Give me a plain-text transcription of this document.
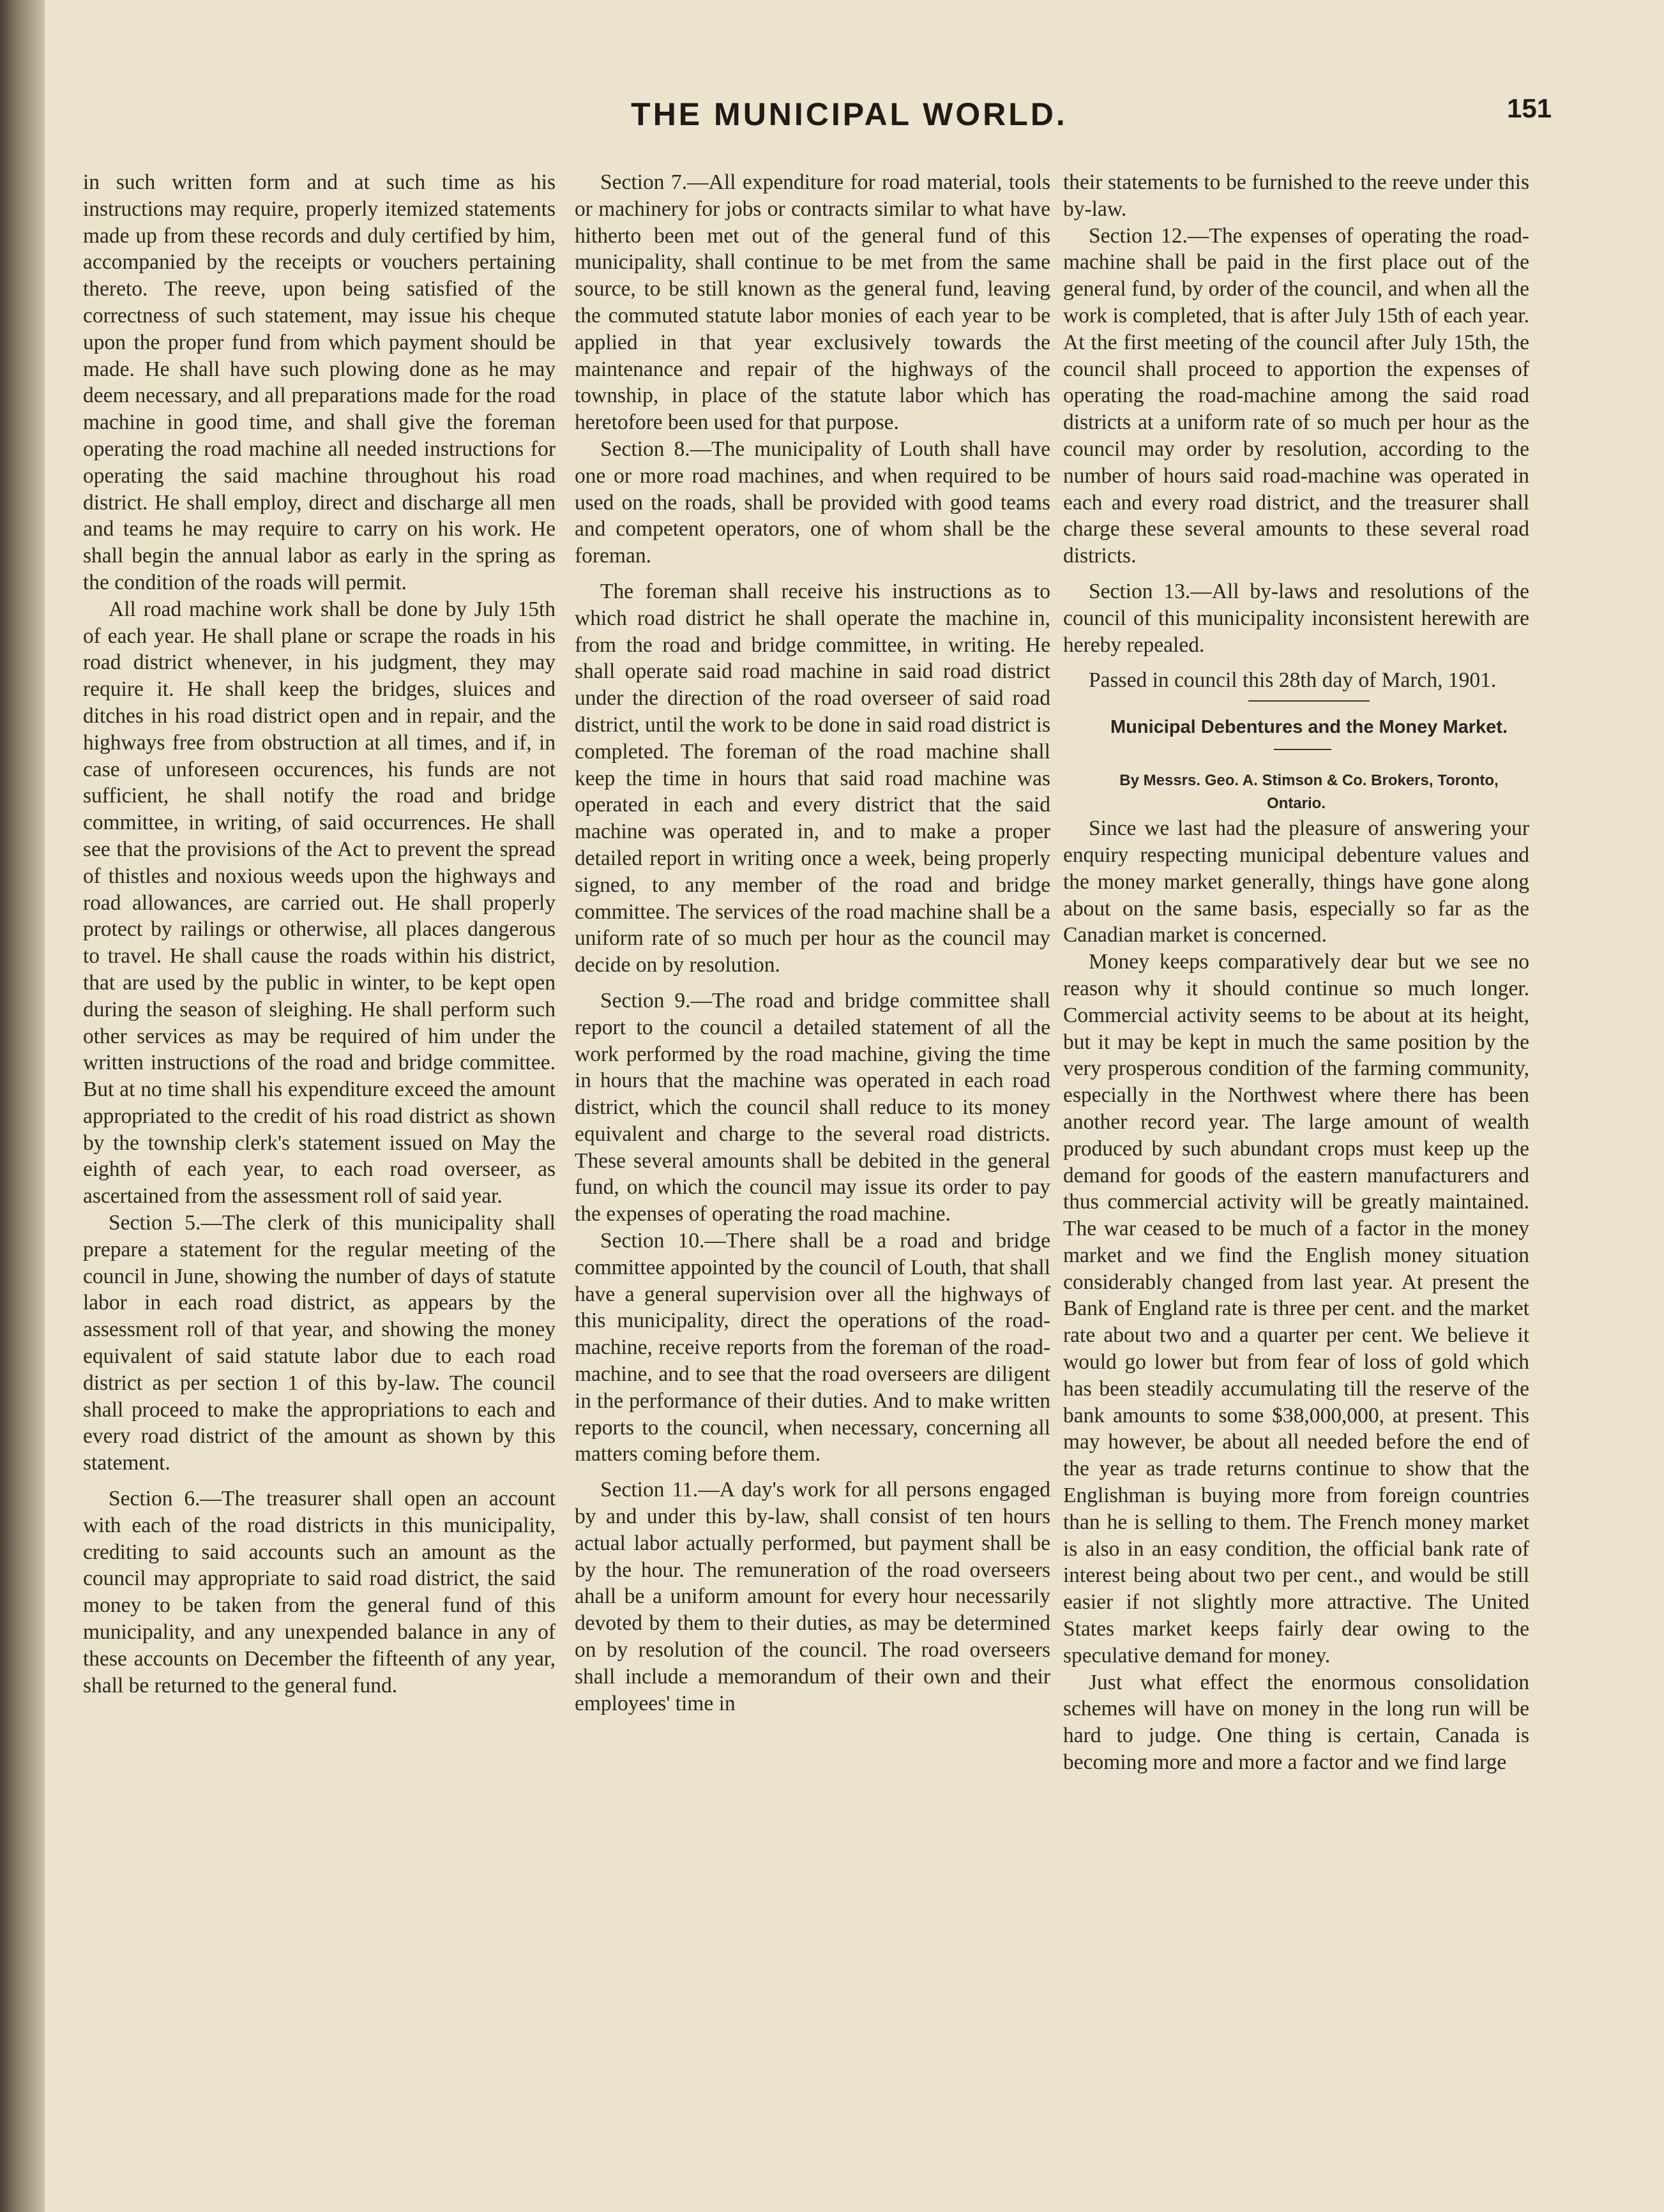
THE MUNICIPAL WORLD.	151

in such written form and at such time as his instructions may require, properly itemized statements made up from these records and duly certified by him, accompanied by the receipts or vouchers pertaining thereto. The reeve, upon being satisfied of the correctness of such statement, may issue his cheque upon the proper fund from which payment should be made. He shall have such plowing done as he may deem necessary, and all preparations made for the road machine in good time, and shall give the foreman operating the road machine all needed instructions for operating the said machine throughout his road district. He shall employ, direct and discharge all men and teams he may require to carry on his work. He shall begin the annual labor as early in the spring as the condition of the roads will permit.

All road machine work shall be done by July 15th of each year. He shall plane or scrape the roads in his road district whenever, in his judgment, they may require it. He shall keep the bridges, sluices and ditches in his road district open and in repair, and the highways free from obstruction at all times, and if, in case of unforeseen occurences, his funds are not sufficient, he shall notify the road and bridge committee, in writing, of said occurrences. He shall see that the provisions of the Act to prevent the spread of thistles and noxious weeds upon the highways and road allowances, are carried out. He shall properly protect by railings or otherwise, all places dangerous to travel. He shall cause the roads within his district, that are used by the public in winter, to be kept open during the season of sleighing. He shall perform such other services as may be required of him under the written instructions of the road and bridge committee. But at no time shall his expenditure exceed the amount appropriated to the credit of his road district as shown by the township clerk's statement issued on May the eighth of each year, to each road overseer, as ascertained from the assessment roll of said year.

Section 5.—The clerk of this municipality shall prepare a statement for the regular meeting of the council in June, showing the number of days of statute labor in each road district, as appears by the assessment roll of that year, and showing the money equivalent of said statute labor due to each road district as per section 1 of this by-law. The council shall proceed to make the appropriations to each and every road district of the amount as shown by this statement.

Section 6.—The treasurer shall open an account with each of the road districts in this municipality, crediting to said accounts such an amount as the council may appropriate to said road district, the said money to be taken from the general fund of this municipality, and any unexpended balance in any of these accounts on December the fifteenth of any year, shall be returned to the general fund.

Section 7.—All expenditure for road material, tools or machinery for jobs or contracts similar to what have hitherto been met out of the general fund of this municipality, shall continue to be met from the same source, to be still known as the general fund, leaving the commuted statute labor monies of each year to be applied in that year exclusively towards the maintenance and repair of the highways of the township, in place of the statute labor which has heretofore been used for that purpose.

Section 8.—The municipality of Louth shall have one or more road machines, and when required to be used on the roads, shall be provided with good teams and competent operators, one of whom shall be the foreman.

The foreman shall receive his instructions as to which road district he shall operate the machine in, from the road and bridge committee, in writing. He shall operate said road machine in said road district under the direction of the road overseer of said road district, until the work to be done in said road district is completed. The foreman of the road machine shall keep the time in hours that said road machine was operated in each and every district that the said machine was operated in, and to make a proper detailed report in writing once a week, being properly signed, to any member of the road and bridge committee. The services of the road machine shall be a uniform rate of so much per hour as the council may decide on by resolution.

Section 9.—The road and bridge committee shall report to the council a detailed statement of all the work performed by the road machine, giving the time in hours that the machine was operated in each road district, which the council shall reduce to its money equivalent and charge to the several road districts. These several amounts shall be debited in the general fund, on which the council may issue its order to pay the expenses of operating the road machine.

Section 10.—There shall be a road and bridge committee appointed by the council of Louth, that shall have a general supervision over all the highways of this municipality, direct the operations of the road-machine, receive reports from the foreman of the road-machine, and to see that the road overseers are diligent in the performance of their duties. And to make written reports to the council, when necessary, concerning all matters coming before them.

Section 11.—A day's work for all persons engaged by and under this by-law, shall consist of ten hours actual labor actually performed, but payment shall be by the hour. The remuneration of the road overseers ahall be a uniform amount for every hour necessarily devoted by them to their duties, as may be determined on by resolution of the council. The road overseers shall include a memorandum of their own and their employees' time in

their statements to be furnished to the reeve under this by-law.

Section 12.—The expenses of operating the road-machine shall be paid in the first place out of the general fund, by order of the council, and when all the work is completed, that is after July 15th of each year. At the first meeting of the council after July 15th, the council shall proceed to apportion the expenses of operating the road-machine among the said road districts at a uniform rate of so much per hour as the council may order by resolution, according to the number of hours said road-machine was operated in each and every road district, and the treasurer shall charge these several amounts to these several road districts.

Section 13.—All by-laws and resolutions of the council of this municipality inconsistent herewith are hereby repealed.

Passed in council this 28th day of March, 1901.

Municipal Debentures and the Money Market.

By Messrs. Geo. A. Stimson & Co. Brokers, Toronto, Ontario.

Since we last had the pleasure of answering your enquiry respecting municipal debenture values and the money market generally, things have gone along about on the same basis, especially so far as the Canadian market is concerned.

Money keeps comparatively dear but we see no reason why it should continue so much longer. Commercial activity seems to be about at its height, but it may be kept in much the same position by the very prosperous condition of the farming community, especially in the Northwest where there has been another record year. The large amount of wealth produced by such abundant crops must keep up the demand for goods of the eastern manufacturers and thus commercial activity will be greatly maintained. The war ceased to be much of a factor in the money market and we find the English money situation considerably changed from last year. At present the Bank of England rate is three per cent. and the market rate about two and a quarter per cent. We believe it would go lower but from fear of loss of gold which has been steadily accumulating till the reserve of the bank amounts to some $38,000,000, at present. This may however, be about all needed before the end of the year as trade returns continue to show that the Englishman is buying more from foreign countries than he is selling to them. The French money market is also in an easy condition, the official bank rate of interest being about two per cent., and would be still easier if not slightly more attractive. The United States market keeps fairly dear owing to the speculative demand for money.

Just what effect the enormous consolidation schemes will have on money in the long run will be hard to judge. One thing is certain, Canada is becoming more and more a factor and we find large
